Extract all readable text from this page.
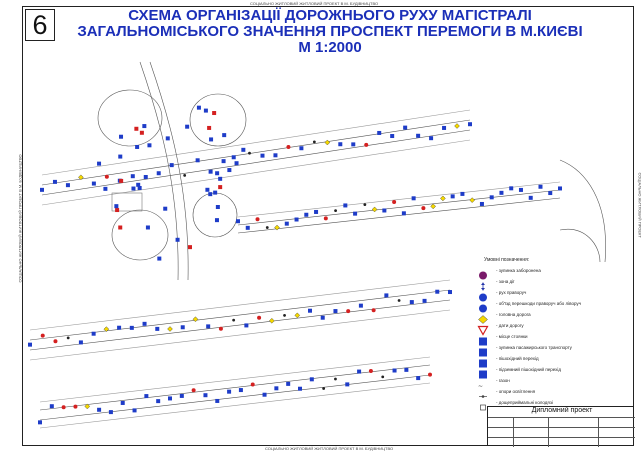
СОЦІАЛЬНО ЖИТЛОВИЙ ЖИТЛОВИЙ ПРОЕКТ В М. БУДІВНИЦТВО
СОЦІАЛЬНО ЖИТЛОВИЙ ЖИТЛОВИЙ ПРОЕКТ В М. БУДІВНИЦТВО
СОЦІАЛЬНО ЖИТЛОВИЙ ЖИТЛОВИЙ ПРОЕКТ В М. БУДІВНИЦТВО	СОЦІАЛЬНО ЖИТЛОВИЙ ПРОЕКТ
6	СХЕМА ОРГАНІЗАЦІЇ ДОРОЖНЬОГО РУХУ МАГІСТРАЛІ
ЗАГАЛЬНОМІСЬКОГО ЗНАЧЕННЯ ПРОСПЕКТ ПЕРЕМОГИ В М.КИЄВІ
М 1:2000
Умовні позначення:
- зупинка заборонена
- зона дії
- рух праворуч
- об'їзд перешкоди праворуч або ліворуч
- головна дорога
- дати дорогу
- місце стоянки
- зупинка пасажирського транспорту
- пішохідний перехід
- підземний пішохідний перехід
~
- газон
- опори освітлення
- дощеприймальні колодязі
Дипломний проект
